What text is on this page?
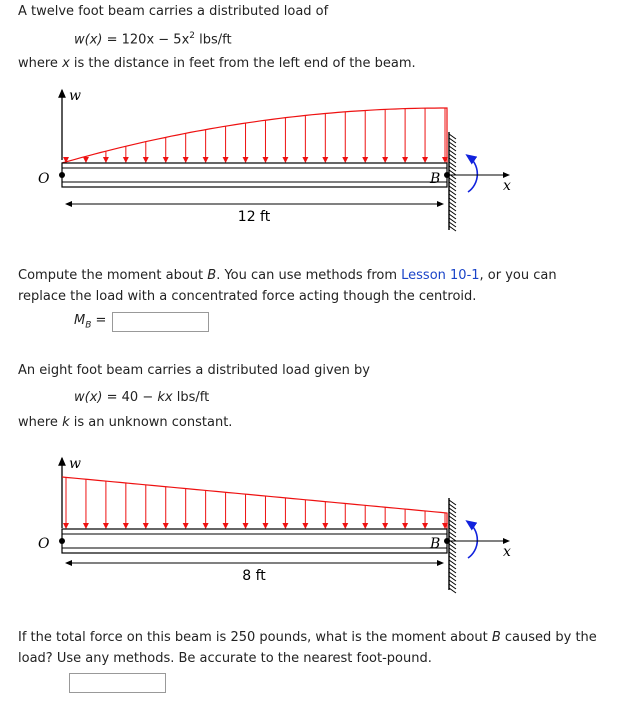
A twelve foot beam carries a distributed load of
$w(x) = 120x - 5x^2$ lbs/ft
where x is the distance in feet from the left end of the beam.
w
O	B	x
12 ft
Compute the moment about B. You can use methods from Lesson 10-1, or you can
replace the load with a concentrated force acting though the centroid.
$M_B$ =
An eight foot beam carries a distributed load given by
w(x) = 40 − kx lbs/ft
where k is an unknown constant.
w
O	B	x
8 ft
If the total force on this beam is 250 pounds, what is the moment about B caused by the
load? Use any methods. Be accurate to the nearest foot-pound.
